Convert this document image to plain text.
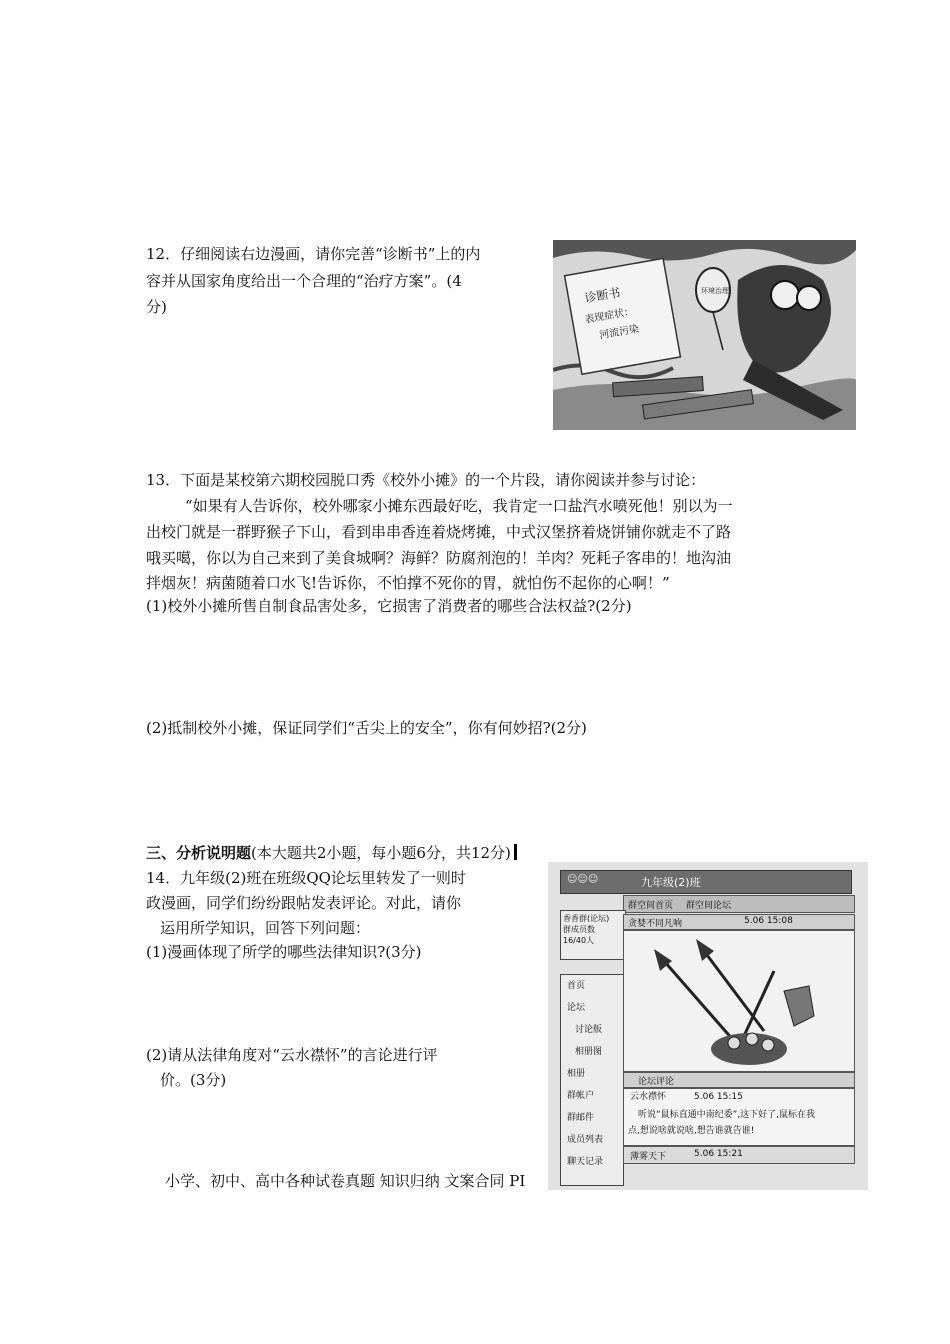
12．仔细阅读右边漫画，请你完善“诊断书”上的内
容并从国家角度给出一个合理的“治疗方案”。(4
分)
诊断书
表现症状：
河流污染
环境治理
13．下面是某校第六期校园脱口秀《校外小摊》的一个片段，请你阅读并参与讨论：
“如果有人告诉你，校外哪家小摊东西最好吃，我肯定一口盐汽水喷死他！别以为一
出校门就是一群野猴子下山，看到串串香连着烧烤摊，中式汉堡挤着烧饼铺你就走不了路
哦买噶，你以为自己来到了美食城啊？海鲜？防腐剂泡的！羊肉？死耗子客串的！地沟油
拌烟灰！病菌随着口水飞!告诉你，不怕撑不死你的胃，就怕伤不起你的心啊！”
(1)校外小摊所售自制食品害处多，它损害了消费者的哪些合法权益?(2分)
(2)抵制校外小摊，保证同学们“舌尖上的安全”，你有何妙招?(2分)
三、分析说明题(本大题共2小题，每小题6分，共12分)
14．九年级(2)班在班级QQ论坛里转发了一则时
政漫画，同学们纷纷跟帖发表评论。对此，请你
运用所学知识，回答下列问题：
(1)漫画体现了所学的哪些法律知识?(3分)
(2)请从法律角度对“云水襟怀”的言论进行评
价。(3分)
☺☺☺	九年级(2)班
群空间首页 群空间论坛
香香群(论坛)
群成员数
16/40人
贪婪不同凡响	5.06 15:08
首页
论坛
讨论版
相册图
相册
群帐户
群邮件
成员列表
聊天记录
论坛评论
云水襟怀	5.06 15:15
听说“鼠标直通中南纪委”,这下好了,鼠标在我
点,想说啥就说啥,想告谁就告谁!
薄雾天下	5.06 15:21
小学、初中、高中各种试卷真题 知识归纳 文案合同 PI
